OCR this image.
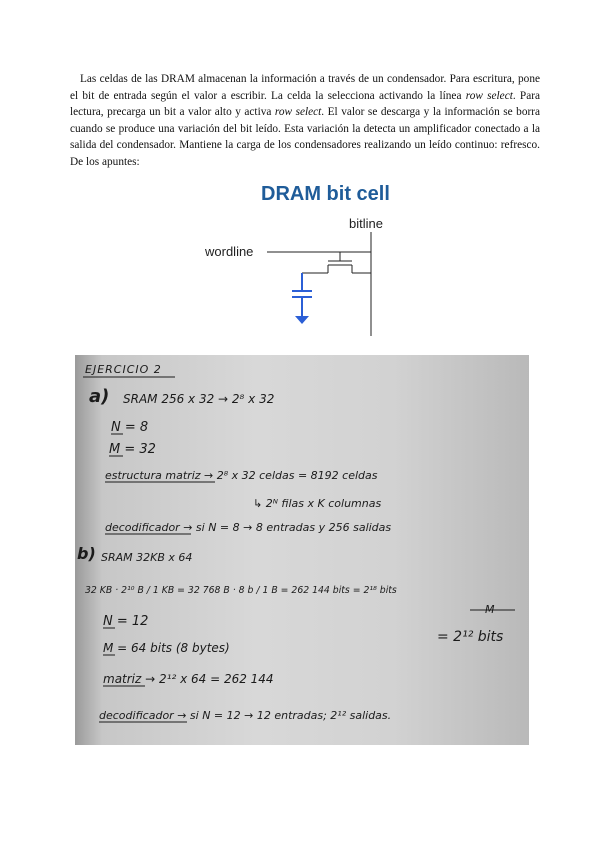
Las celdas de las DRAM almacenan la información a través de un condensador. Para escritura, pone el bit de entrada según el valor a escribir. La celda la selecciona activando la línea row select. Para lectura, precarga un bit a valor alto y activa row select. El valor se descarga y la información se borra cuando se produce una variación del bit leído. Esta variación la detecta un amplificador conectado a la salida del condensador. Mantiene la carga de los condensadores realizando un leído continuo: refresco. De los apuntes:
DRAM bit cell
bitline
wordline
EJERCICIO 2
a) SRAM 256 x 32 → 2⁸ x 32
N = 8
M = 32
estructura matriz → 2⁸ x 32 celdas = 8192 celdas
↳ 2ᴺ filas x K columnas
decodificador → si N = 8 → 8 entradas y 256 salidas
b) SRAM 32KB x 64
32 KB · 2¹⁰ B / 1 KB = 32 768 B · 8 b / 1 B = 262 144 bits = 2¹⁸ bits
M
= 2¹² bits
N = 12
M = 64 bits (8 bytes)
matriz → 2¹² x 64 = 262 144
decodificador → si N = 12 → 12 entradas; 2¹² salidas.
